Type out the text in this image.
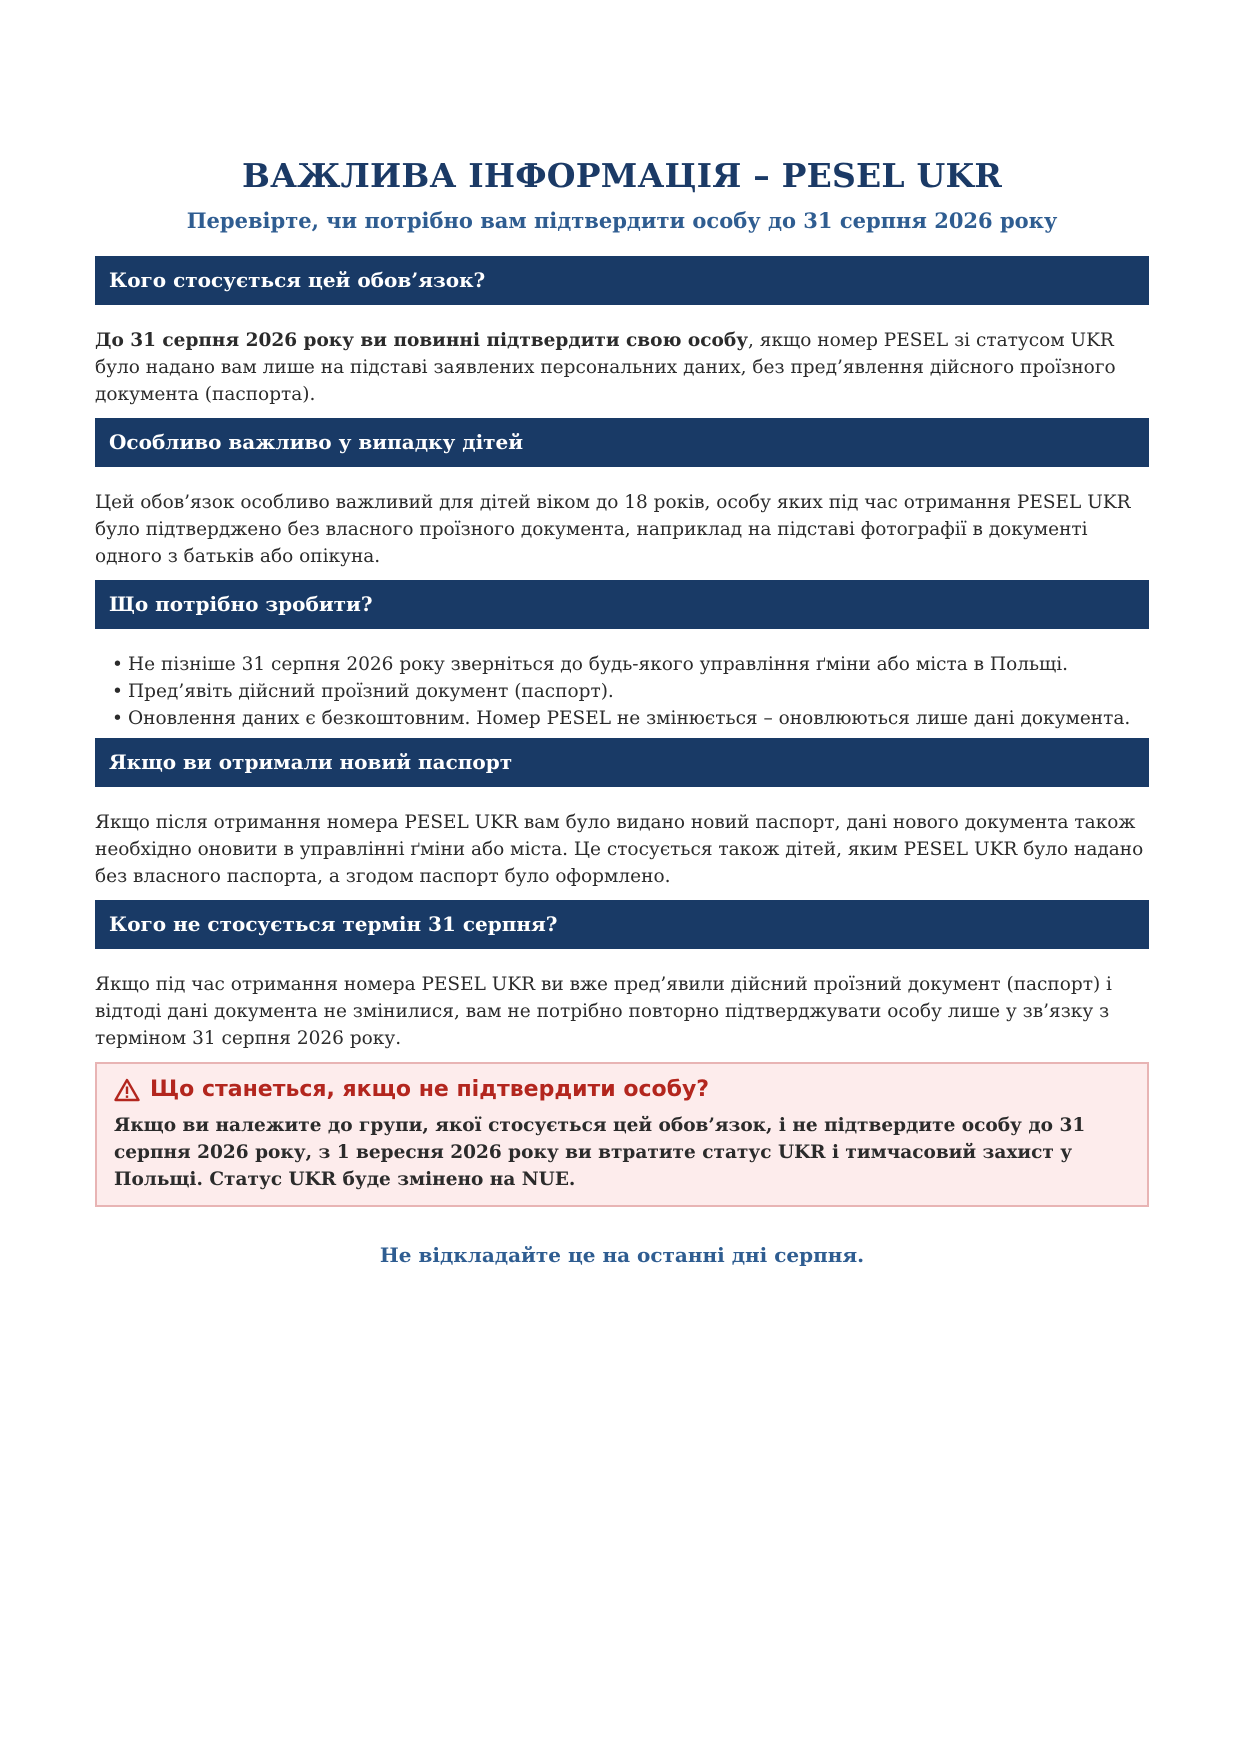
ВАЖЛИВА ІНФОРМАЦІЯ – PESEL UKR
Перевірте, чи потрібно вам підтвердити особу до 31 серпня 2026 року
Кого стосується цей обов’язок?

До 31 серпня 2026 року ви повинні підтвердити свою особу, якщо номер PESEL зі статусом UKR було надано вам лише на підставі заявлених персональних даних, без пред’явлення дійсного проїзного документа (паспорта).

Особливо важливо у випадку дітей

Цей обов’язок особливо важливий для дітей віком до 18 років, особу яких під час отримання PESEL UKR було підтверджено без власного проїзного документа, наприклад на підставі фотографії в документі одного з батьків або опікуна.

Що потрібно зробити?
• Не пізніше 31 серпня 2026 року зверніться до будь-якого управління ґміни або міста в Польщі.
• Пред’явіть дійсний проїзний документ (паспорт).
• Оновлення даних є безкоштовним. Номер PESEL не змінюється – оновлюються лише дані документа.
Якщо ви отримали новий паспорт

Якщо після отримання номера PESEL UKR вам було видано новий паспорт, дані нового документа також необхідно оновити в управлінні ґміни або міста. Це стосується також дітей, яким PESEL UKR було надано без власного паспорта, а згодом паспорт було оформлено.

Кого не стосується термін 31 серпня?

Якщо під час отримання номера PESEL UKR ви вже пред’явили дійсний проїзний документ (паспорт) і відтоді дані документа не змінилися, вам не потрібно повторно підтверджувати особу лише у зв’язку з терміном 31 серпня 2026 року.

Що станеться, якщо не підтвердити особу?
Якщо ви належите до групи, якої стосується цей обов’язок, і не підтвердите особу до 31 серпня 2026 року, з 1 вересня 2026 року ви втратите статус UKR і тимчасовий захист у Польщі. Статус UKR буде змінено на NUE.

Не відкладайте це на останні дні серпня.
